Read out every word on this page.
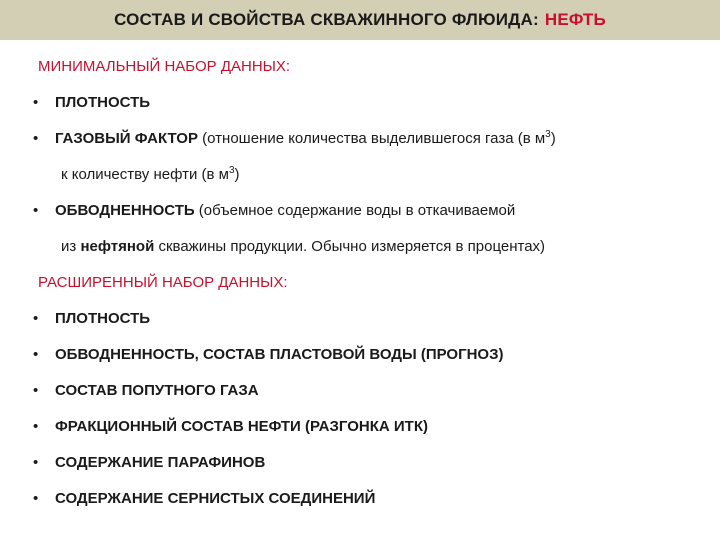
СОСТАВ И СВОЙСТВА СКВАЖИННОГО ФЛЮИДА: НЕФТЬ
МИНИМАЛЬНЫЙ НАБОР ДАННЫХ:
• ПЛОТНОСТЬ
• ГАЗОВЫЙ ФАКТОР (отношение количества выделившегося газа (в $м^3$)
к количеству нефти (в $м^3$)
• ОБВОДНЕННОСТЬ (объемное содержание воды в откачиваемой
из нефтяной скважины продукции. Обычно измеряется в процентах)
РАСШИРЕННЫЙ НАБОР ДАННЫХ:
• ПЛОТНОСТЬ
• ОБВОДНЕННОСТЬ, СОСТАВ ПЛАСТОВОЙ ВОДЫ (ПРОГНОЗ)
• СОСТАВ ПОПУТНОГО ГАЗА
• ФРАКЦИОННЫЙ СОСТАВ НЕФТИ (РАЗГОНКА ИТК)
• СОДЕРЖАНИЕ ПАРАФИНОВ
• СОДЕРЖАНИЕ СЕРНИСТЫХ СОЕДИНЕНИЙ
